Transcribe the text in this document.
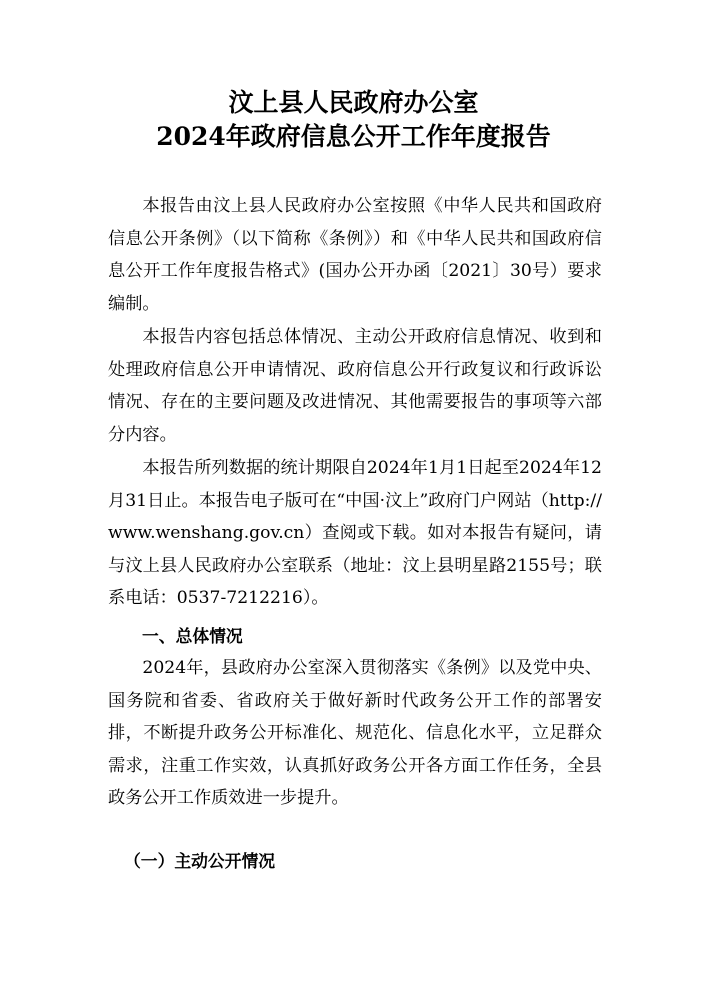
汶上县人民政府办公室
2024年政府信息公开工作年度报告

本报告由汶上县人民政府办公室按照《中华人民共和国政府信息公开条例》（以下简称《条例》）和《中华人民共和国政府信息公开工作年度报告格式》(国办公开办函〔2021〕30号）要求编制。

本报告内容包括总体情况、主动公开政府信息情况、收到和处理政府信息公开申请情况、政府信息公开行政复议和行政诉讼情况、存在的主要问题及改进情况、其他需要报告的事项等六部分内容。

本报告所列数据的统计期限自2024年1月1日起至2024年12月31日止。本报告电子版可在“中国·汶上”政府门户网站（http://www.wenshang.gov.cn）查阅或下载。如对本报告有疑问，请与汶上县人民政府办公室联系（地址：汶上县明星路2155号；联系电话：0537-7212216）。

一、总体情况

2024年，县政府办公室深入贯彻落实《条例》以及党中央、国务院和省委、省政府关于做好新时代政务公开工作的部署安排，不断提升政务公开标准化、规范化、信息化水平，立足群众需求，注重工作实效，认真抓好政务公开各方面工作任务，全县政务公开工作质效进一步提升。

（一）主动公开情况
